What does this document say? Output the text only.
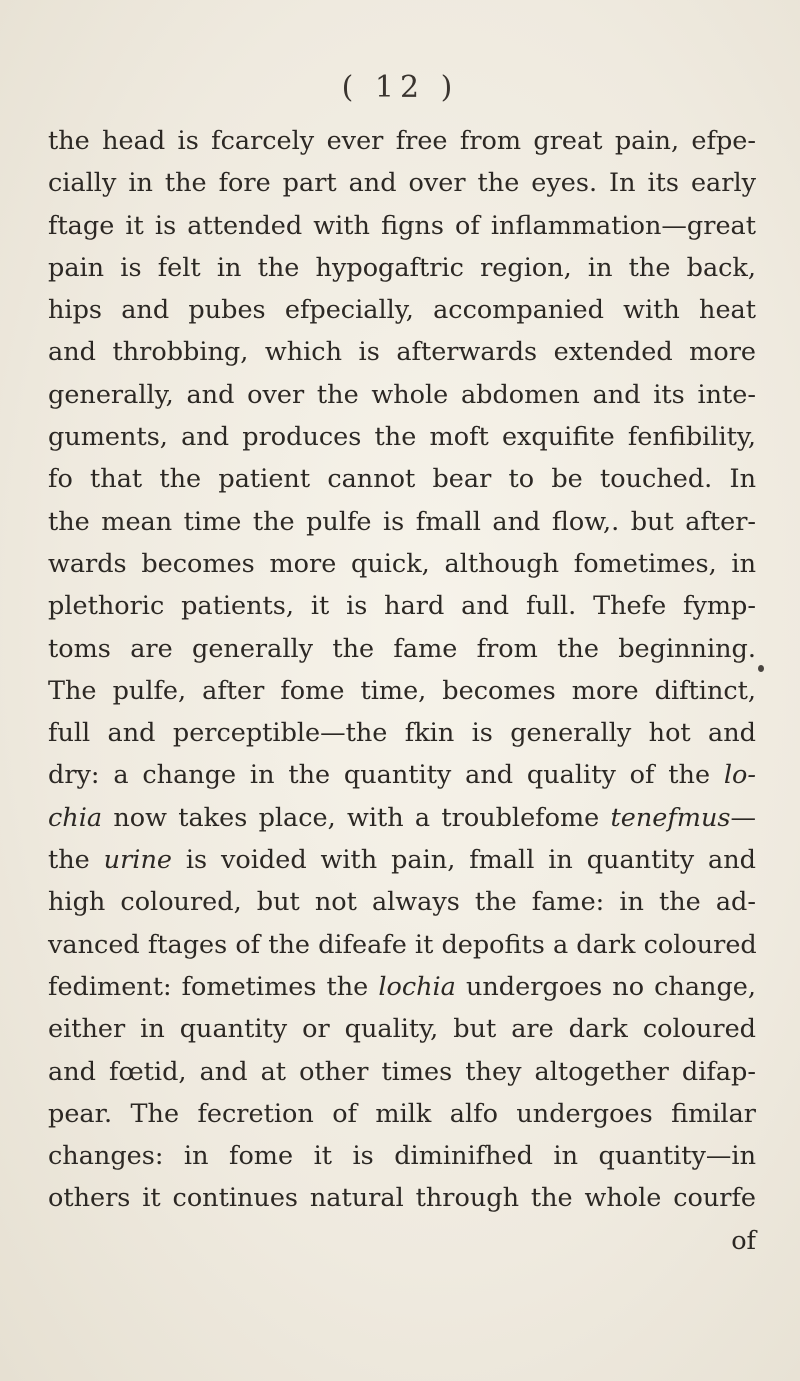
( 12 )
the head is fcarcely ever free from great pain, efpe-
cially in the fore part and over the eyes. In its early
ftage it is attended with figns of inflammation—great
pain is felt in the hypogaftric region, in the back,
hips and pubes efpecially, accompanied with heat
and throbbing, which is afterwards extended more
generally, and over the whole abdomen and its inte-
guments, and produces the moft exquifite fenfibility,
fo that the patient cannot bear to be touched. In
the mean time the pulfe is fmall and flow,. but after-
wards becomes more quick, although fometimes, in
plethoric patients, it is hard and full. Thefe fymp-
toms are generally the fame from the beginning.
The pulfe, after fome time, becomes more diftinct,
full and perceptible—the fkin is generally hot and
dry: a change in the quantity and quality of the lo-
chia now takes place, with a troublefome tenefmus—
the urine is voided with pain, fmall in quantity and
high coloured, but not always the fame: in the ad-
vanced ftages of the difeafe it depofits a dark coloured
fediment: fometimes the lochia undergoes no change,
either in quantity or quality, but are dark coloured
and fœtid, and at other times they altogether difap-
pear. The fecretion of milk alfo undergoes fimilar
changes: in fome it is diminifhed in quantity—in
others it continues natural through the whole courfe
of
